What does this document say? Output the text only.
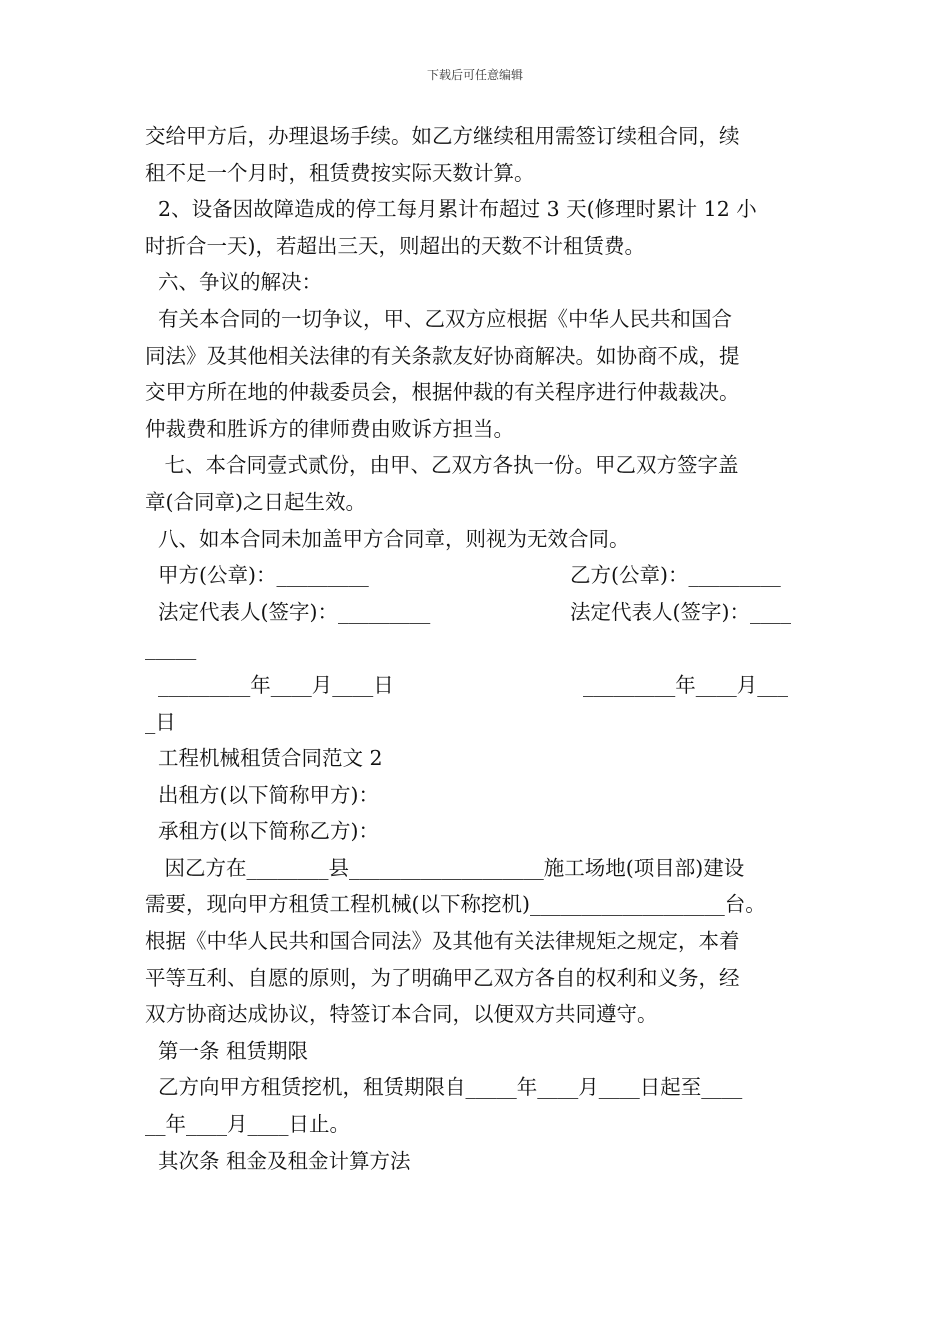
下载后可任意编辑
交给甲方后，办理退场手续。如乙方继续租用需签订续租合同，续
租不足一个月时，租赁费按实际天数计算。
2、设备因故障造成的停工每月累计布超过 3 天(修理时累计 12 小
时折合一天)，若超出三天，则超出的天数不计租赁费。
六、争议的解决：
有关本合同的一切争议，甲、乙双方应根据《中华人民共和国合
同法》及其他相关法律的有关条款友好协商解决。如协商不成，提
交甲方所在地的仲裁委员会，根据仲裁的有关程序进行仲裁裁决。
仲裁费和胜诉方的律师费由败诉方担当。
七、本合同壹式贰份，由甲、乙双方各执一份。甲乙双方签字盖
章(合同章)之日起生效。
八、如本合同未加盖甲方合同章，则视为无效合同。
甲方(公章)：_________	乙方(公章)：_________
法定代表人(签字)：_________	法定代表人(签字)：____
_____
_________年____月____日	_________年____月___
_日
工程机械租赁合同范文 2
出租方(以下简称甲方)：
承租方(以下简称乙方)：
因乙方在________县___________________施工场地(项目部)建设
需要，现向甲方租赁工程机械(以下称挖机)___________________台。
根据《中华人民共和国合同法》及其他有关法律规矩之规定，本着
平等互利、自愿的原则，为了明确甲乙双方各自的权利和义务，经
双方协商达成协议，特签订本合同，以便双方共同遵守。
第一条 租赁期限
乙方向甲方租赁挖机，租赁期限自_____年____月____日起至____
__年____月____日止。
其次条 租金及租金计算方法
